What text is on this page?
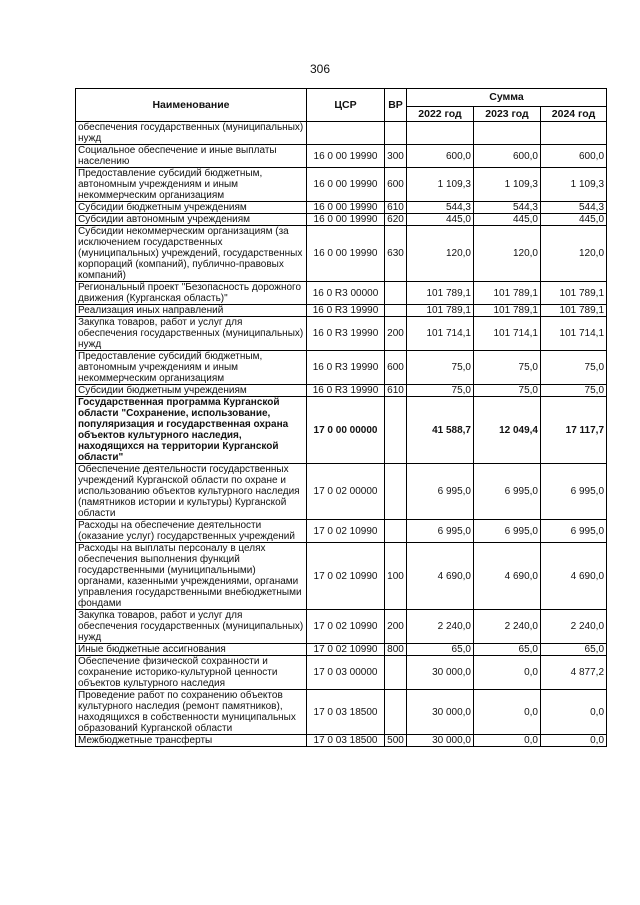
306
Наименование	ЦСР	ВР	Сумма		
			2022 год	2023 год	2024 год
обеспечения государственных (муниципальных) нужд					
Социальное обеспечение и иные выплаты населению	16 0 00 19990	300	600,0	600,0	600,0
Предоставление субсидий бюджетным, автономным учреждениям и иным некоммерческим организациям	16 0 00 19990	600	1 109,3	1 109,3	1 109,3
Субсидии бюджетным учреждениям	16 0 00 19990	610	544,3	544,3	544,3
Субсидии автономным учреждениям	16 0 00 19990	620	445,0	445,0	445,0
Субсидии некоммерческим организациям (за исключением государственных (муниципальных) учреждений, государственных корпораций (компаний), публично-правовых компаний)	16 0 00 19990	630	120,0	120,0	120,0
Региональный проект "Безопасность дорожного движения (Курганская область)"	16 0 R3 00000		101 789,1	101 789,1	101 789,1
Реализация иных направлений	16 0 R3 19990		101 789,1	101 789,1	101 789,1
Закупка товаров, работ и услуг для обеспечения государственных (муниципальных) нужд	16 0 R3 19990	200	101 714,1	101 714,1	101 714,1
Предоставление субсидий бюджетным, автономным учреждениям и иным некоммерческим организациям	16 0 R3 19990	600	75,0	75,0	75,0
Субсидии бюджетным учреждениям	16 0 R3 19990	610	75,0	75,0	75,0
Государственная программа Курганской области "Сохранение, использование, популяризация и государственная охрана объектов культурного наследия, находящихся на территории Курганской области"	17 0 00 00000		41 588,7	12 049,4	17 117,7
Обеспечение деятельности государственных учреждений Курганской области по охране и использованию объектов культурного наследия (памятников истории и культуры) Курганской области	17 0 02 00000		6 995,0	6 995,0	6 995,0
Расходы на обеспечение деятельности (оказание услуг) государственных учреждений	17 0 02 10990		6 995,0	6 995,0	6 995,0
Расходы на выплаты персоналу в целях обеспечения выполнения функций государственными (муниципальными) органами, казенными учреждениями, органами управления государственными внебюджетными фондами	17 0 02 10990	100	4 690,0	4 690,0	4 690,0
Закупка товаров, работ и услуг для обеспечения государственных (муниципальных) нужд	17 0 02 10990	200	2 240,0	2 240,0	2 240,0
Иные бюджетные ассигнования	17 0 02 10990	800	65,0	65,0	65,0
Обеспечение физической сохранности и сохранение историко-культурной ценности объектов культурного наследия	17 0 03 00000		30 000,0	0,0	4 877,2
Проведение работ по сохранению объектов культурного наследия (ремонт памятников), находящихся в собственности муниципальных образований Курганской области	17 0 03 18500		30 000,0	0,0	0,0
Межбюджетные трансферты	17 0 03 18500	500	30 000,0	0,0	0,0
